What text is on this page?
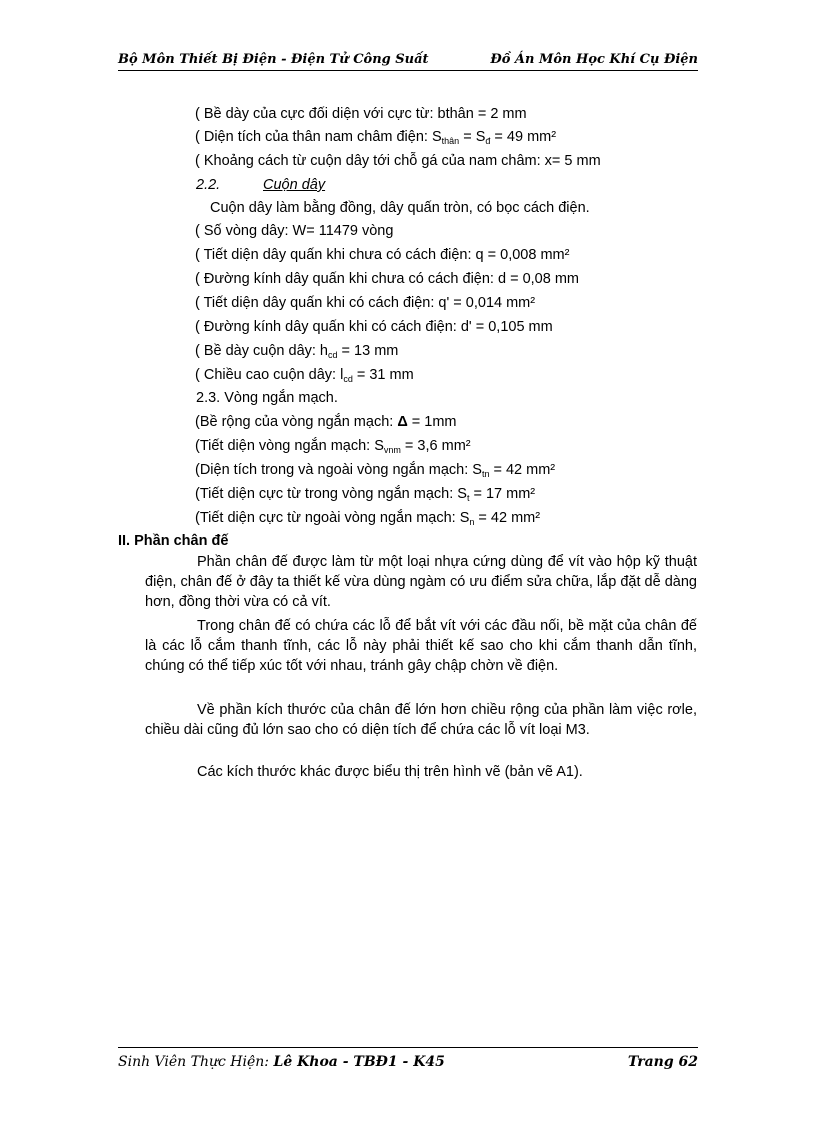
Bộ Môn Thiết Bị Điện - Điện Tử Công Suất	Đồ Án Môn Học Khí Cụ Điện
( Bề dày của cực đối diện với cực từ: bthân = 2 mm
( Diện tích của thân nam châm điện: $S_{thân} = S_đ = 49$ mm²
( Khoảng cách từ cuộn dây tới chỗ gá của nam châm: x= 5 mm
2.2.	Cuộn dây
Cuộn dây làm bằng đồng, dây quấn tròn, có bọc cách điện.
( Số vòng dây: W= 11479 vòng
( Tiết diện dây quấn khi chưa có cách điện: q = 0,008 mm²
( Đường kính dây quấn khi chưa có cách điện: d = 0,08 mm
( Tiết diện dây quấn khi có cách điện: q' = 0,014 mm²
( Đường kính dây quấn khi có cách điện: d' = 0,105 mm
( Bề dày cuộn dây: $h_{cd} = 13$ mm
( Chiều cao cuộn dây: $l_{cd} = 31$ mm
2.3. Vòng ngắn mạch.
(Bề rộng của vòng ngắn mạch: Δ = 1mm
(Tiết diện vòng ngắn mạch: $S_{vnm} = 3,6$ mm²
(Diện tích trong và ngoài vòng ngắn mạch: $S_{tn} = 42$ mm²
(Tiết diện cực từ trong vòng ngắn mạch: $S_t = 17$ mm²
(Tiết diện cực từ ngoài vòng ngắn mạch: $S_n = 42$ mm²
II. Phần chân đế
Phần chân đế được làm từ một loại nhựa cứng dùng để vít vào hộp kỹ thuật điện, chân đế ở đây ta thiết kế vừa dùng ngàm có ưu điểm sửa chữa, lắp đặt dễ dàng hơn, đồng thời vừa có cả vít.
Trong chân đế có chứa các lỗ để bắt vít với các đầu nối, bề mặt của chân đế là các lỗ cắm thanh tĩnh, các lỗ này phải thiết kế sao cho khi cắm thanh dẫn tĩnh, chúng có thể tiếp xúc tốt với nhau, tránh gây chập chờn về điện.
Về phần kích thước của chân đế lớn hơn chiều rộng của phần làm việc rơle, chiều dài cũng đủ lớn sao cho có diện tích để chứa các lỗ vít loại M3.
Các kích thước khác được biểu thị trên hình vẽ (bản vẽ A1).
Sinh Viên Thực Hiện: Lê Khoa - TBĐ1 - K45	Trang 62
